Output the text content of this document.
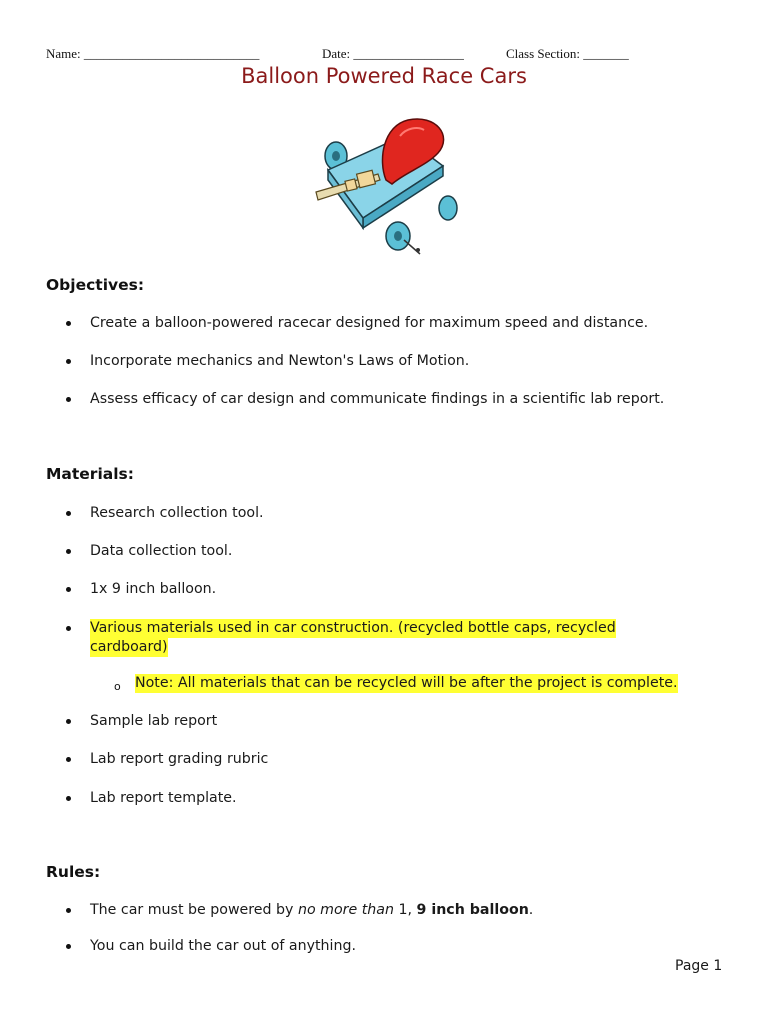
Name: ___________________________	Date: _________________	Class Section: _______
Balloon Powered Race Cars
Objectives:
Create a balloon-powered racecar designed for maximum speed and distance.
Incorporate mechanics and Newton's Laws of Motion.
Assess efficacy of car design and communicate findings in a scientific lab report.
Materials:
Research collection tool.
Data collection tool.
1x 9 inch balloon.
Various materials used in car construction. (recycled bottle caps, recycled
cardboard)
o Note: All materials that can be recycled will be after the project is complete.
Sample lab report
Lab report grading rubric
Lab report template.
Rules:
The car must be powered by no more than 1, 9 inch balloon.
You can build the car out of anything.
Page 1
